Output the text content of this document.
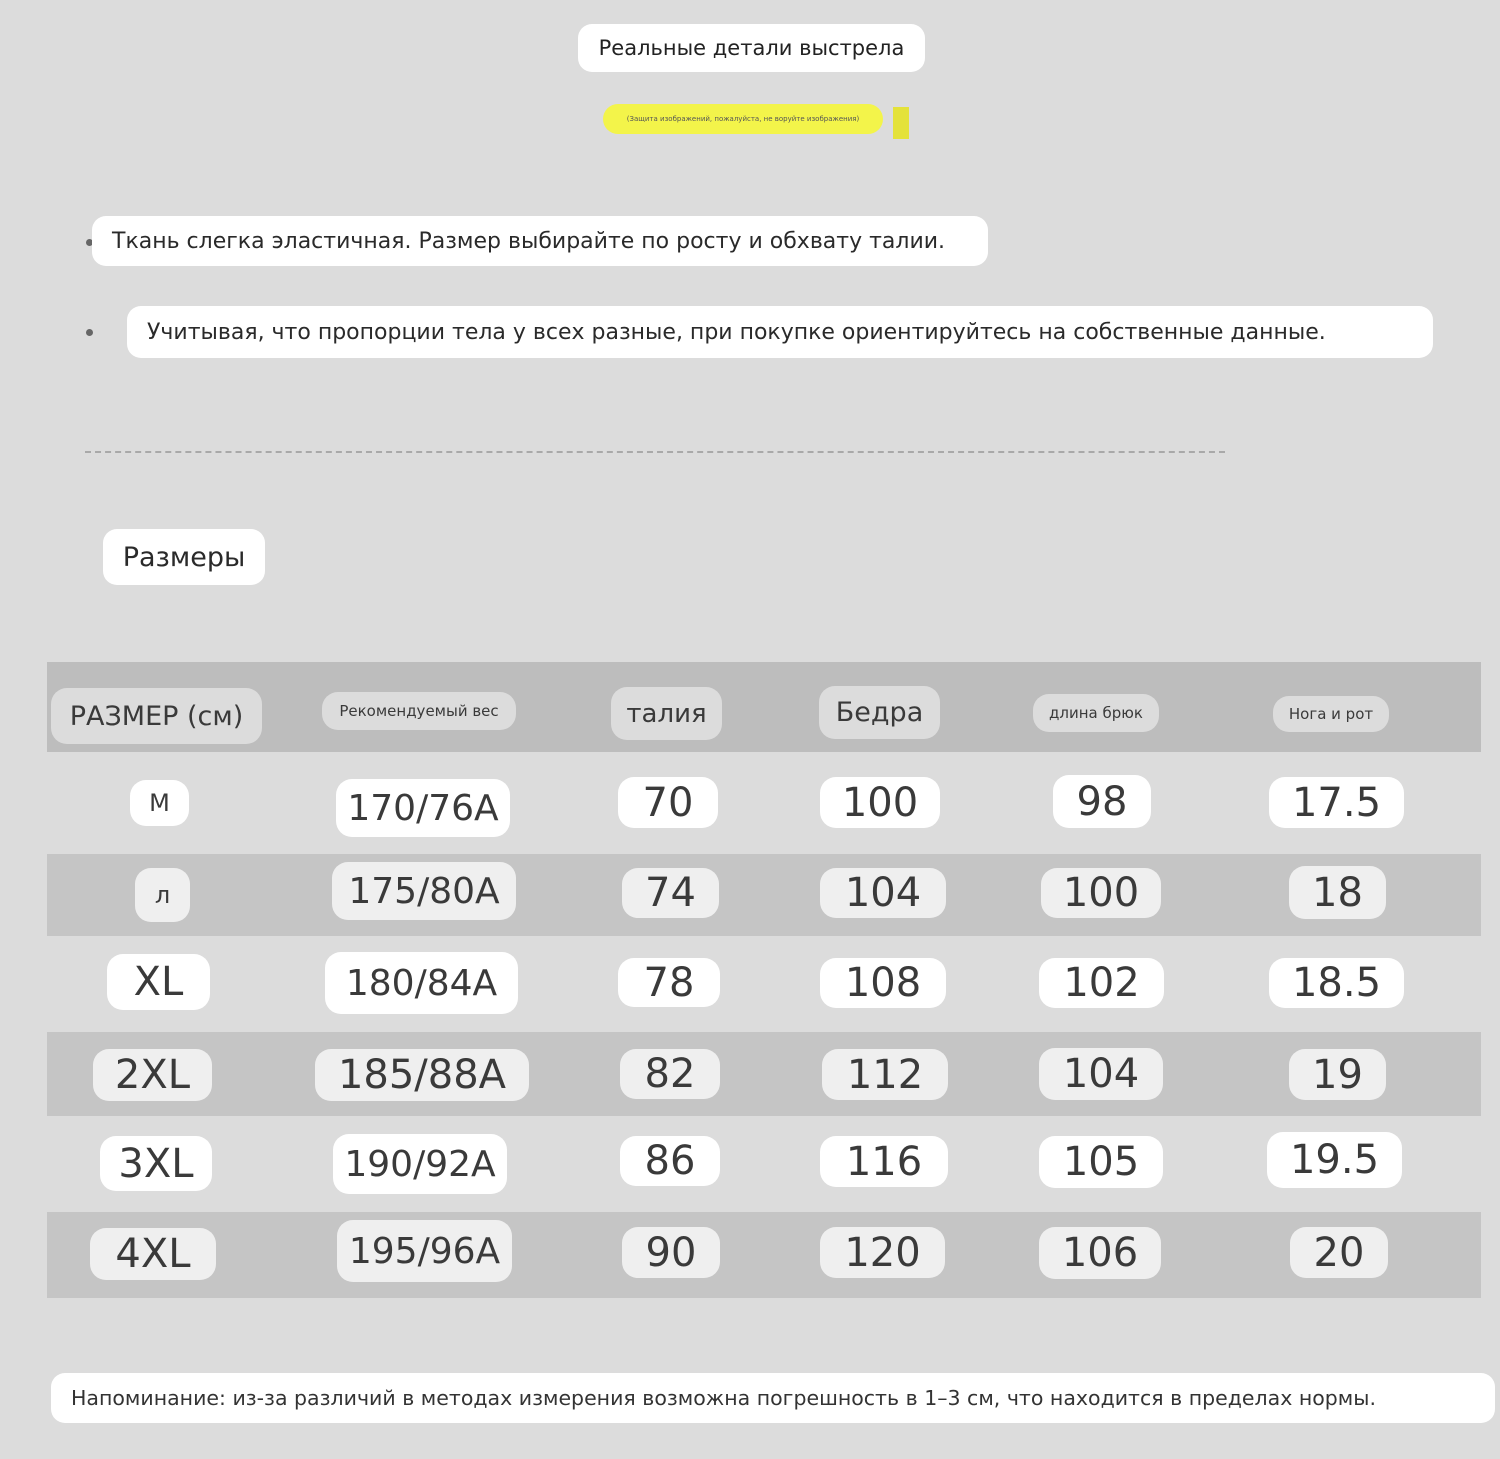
Реальные детали выстрела
(Защита изображений, пожалуйста, не воруйте изображения)
Ткань слегка эластичная. Размер выбирайте по росту и обхвату талии.
Учитывая, что пропорции тела у всех разные, при покупке ориентируйтесь на собственные данные.
Размеры
РАЗМЕР (см)	Рекомендуемый вес	талия	Бедра	длина брюк	Нога и рот
M	170/76A	70	100	98	17.5
л	175/80A	74	104	100	18
XL	180/84A	78	108	102	18.5
2XL	185/88A	82	112	104	19
3XL	190/92A	86	116	105	19.5
4XL	195/96A	90	120	106	20
Напоминание: из-за различий в методах измерения возможна погрешность в 1–3 см, что находится в пределах нормы.
